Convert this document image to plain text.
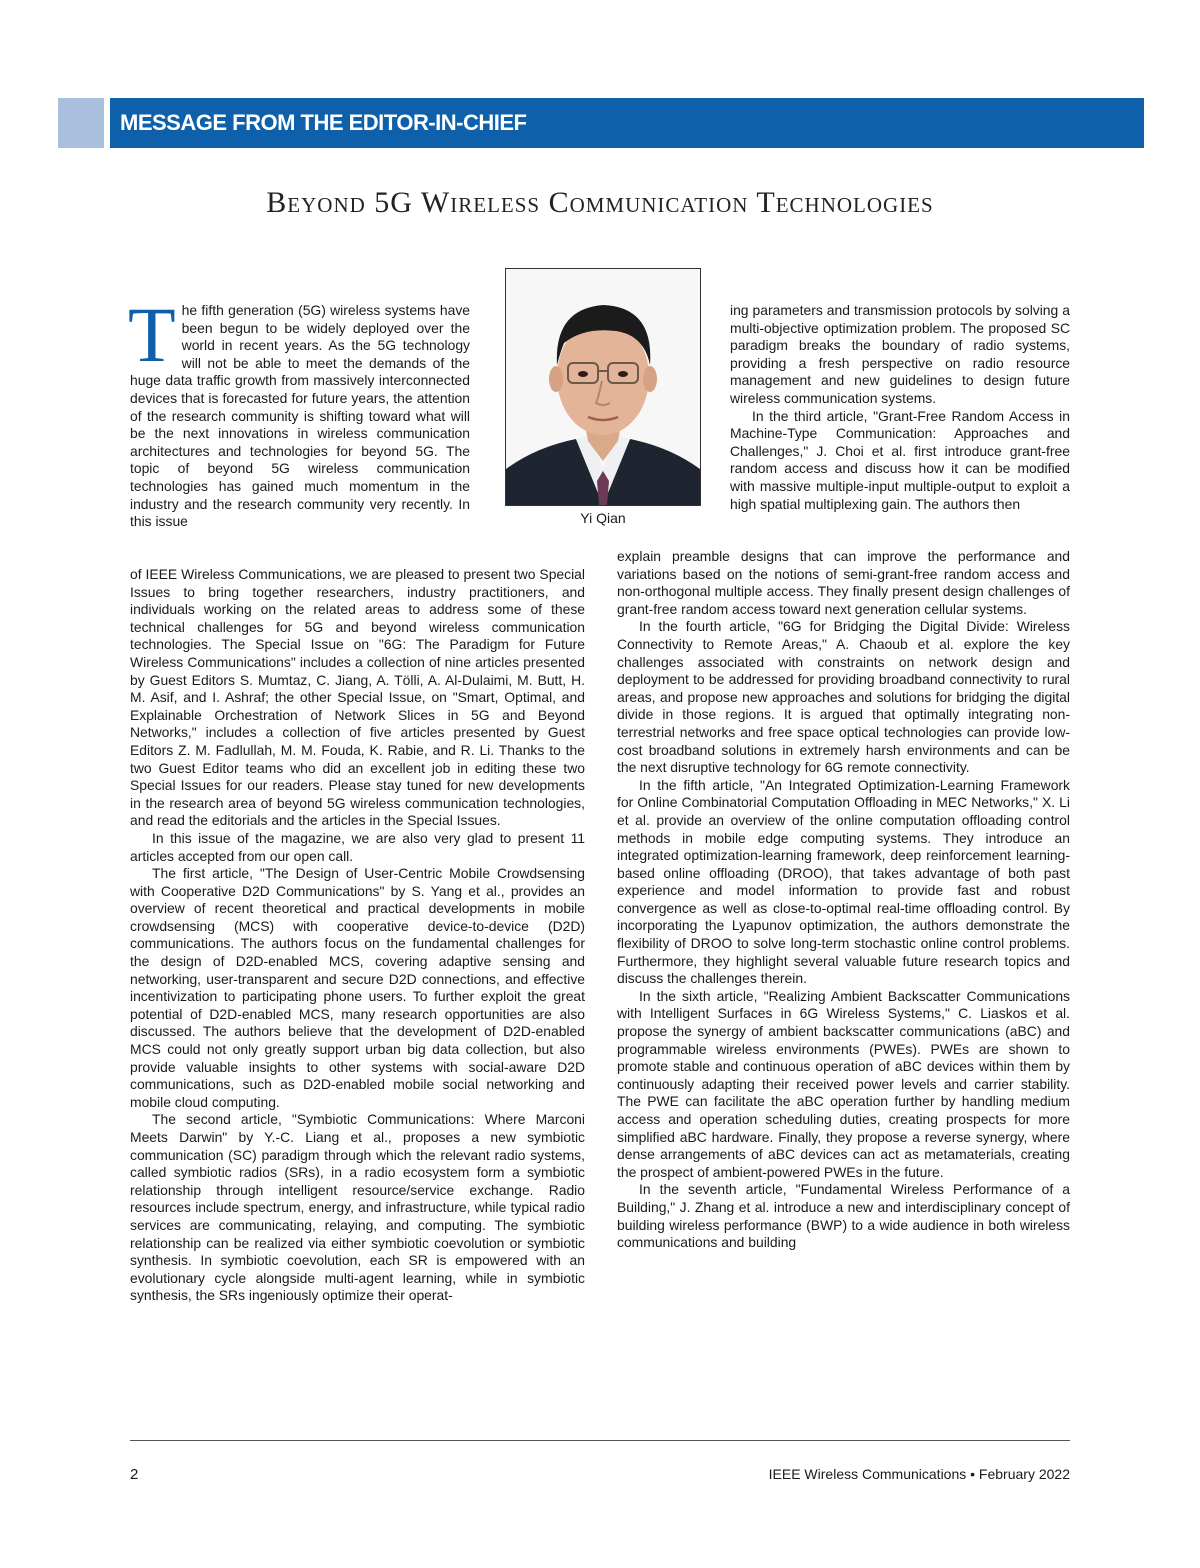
MESSAGE FROM THE EDITOR-IN-CHIEF
Beyond 5G Wireless Communication Technologies
Yi Qian
T he fifth generation (5G) wireless systems have been begun to be widely deployed over the world in recent years. As the 5G technology will not be able to meet the demands of the huge data traffic growth from massively interconnected devices that is forecasted for future years, the attention of the research community is shifting toward what will be the next innovations in wireless communication architectures and technologies for beyond 5G. The topic of beyond 5G wireless communication technologies has gained much momentum in the industry and the research community very recently. In this issue

of IEEE Wireless Communications, we are pleased to present two Special Issues to bring together researchers, industry practitioners, and individuals working on the related areas to address some of these technical challenges for 5G and beyond wireless communication technologies. The Special Issue on "6G: The Paradigm for Future Wireless Communications" includes a collection of nine articles presented by Guest Editors S. Mumtaz, C. Jiang, A. Tölli, A. Al-Dulaimi, M. Butt, H. M. Asif, and I. Ashraf; the other Special Issue, on "Smart, Optimal, and Explainable Orchestration of Network Slices in 5G and Beyond Networks," includes a collection of five articles presented by Guest Editors Z. M. Fadlullah, M. M. Fouda, K. Rabie, and R. Li. Thanks to the two Guest Editor teams who did an excellent job in editing these two Special Issues for our readers. Please stay tuned for new developments in the research area of beyond 5G wireless communication technologies, and read the editorials and the articles in the Special Issues.

In this issue of the magazine, we are also very glad to present 11 articles accepted from our open call.

The first article, "The Design of User-Centric Mobile Crowdsensing with Cooperative D2D Communications" by S. Yang et al., provides an overview of recent theoretical and practical developments in mobile crowdsensing (MCS) with cooperative device-to-device (D2D) communications. The authors focus on the fundamental challenges for the design of D2D-enabled MCS, covering adaptive sensing and networking, user-transparent and secure D2D connections, and effective incentivization to participating phone users. To further exploit the great potential of D2D-enabled MCS, many research opportunities are also discussed. The authors believe that the development of D2D-enabled MCS could not only greatly support urban big data collection, but also provide valuable insights to other systems with social-aware D2D communications, such as D2D-enabled mobile social networking and mobile cloud computing.

The second article, "Symbiotic Communications: Where Marconi Meets Darwin" by Y.-C. Liang et al., proposes a new symbiotic communication (SC) paradigm through which the relevant radio systems, called symbiotic radios (SRs), in a radio ecosystem form a symbiotic relationship through intelligent resource/service exchange. Radio resources include spectrum, energy, and infrastructure, while typical radio services are communicating, relaying, and computing. The symbiotic relationship can be realized via either symbiotic coevolution or symbiotic synthesis. In symbiotic coevolution, each SR is empowered with an evolutionary cycle alongside multi-agent learning, while in symbiotic synthesis, the SRs ingeniously optimize their operat-

ing parameters and transmission protocols by solving a multi-objective optimization problem. The proposed SC paradigm breaks the boundary of radio systems, providing a fresh perspective on radio resource management and new guidelines to design future wireless communication systems.

In the third article, "Grant-Free Random Access in Machine-Type Communication: Approaches and Challenges," J. Choi et al. first introduce grant-free random access and discuss how it can be modified with massive multiple-input multiple-output to exploit a high spatial multiplexing gain. The authors then

explain preamble designs that can improve the performance and variations based on the notions of semi-grant-free random access and non-orthogonal multiple access. They finally present design challenges of grant-free random access toward next generation cellular systems.

In the fourth article, "6G for Bridging the Digital Divide: Wireless Connectivity to Remote Areas," A. Chaoub et al. explore the key challenges associated with constraints on network design and deployment to be addressed for providing broadband connectivity to rural areas, and propose new approaches and solutions for bridging the digital divide in those regions. It is argued that optimally integrating non-terrestrial networks and free space optical technologies can provide low-cost broadband solutions in extremely harsh environments and can be the next disruptive technology for 6G remote connectivity.

In the fifth article, "An Integrated Optimization-Learning Framework for Online Combinatorial Computation Offloading in MEC Networks," X. Li et al. provide an overview of the online computation offloading control methods in mobile edge computing systems. They introduce an integrated optimization-learning framework, deep reinforcement learning-based online offloading (DROO), that takes advantage of both past experience and model information to provide fast and robust convergence as well as close-to-optimal real-time offloading control. By incorporating the Lyapunov optimization, the authors demonstrate the flexibility of DROO to solve long-term stochastic online control problems. Furthermore, they highlight several valuable future research topics and discuss the challenges therein.

In the sixth article, "Realizing Ambient Backscatter Communications with Intelligent Surfaces in 6G Wireless Systems," C. Liaskos et al. propose the synergy of ambient backscatter communications (aBC) and programmable wireless environments (PWEs). PWEs are shown to promote stable and continuous operation of aBC devices within them by continuously adapting their received power levels and carrier stability. The PWE can facilitate the aBC operation further by handling medium access and operation scheduling duties, creating prospects for more simplified aBC hardware. Finally, they propose a reverse synergy, where dense arrangements of aBC devices can act as metamaterials, creating the prospect of ambient-powered PWEs in the future.

In the seventh article, "Fundamental Wireless Performance of a Building," J. Zhang et al. introduce a new and interdisciplinary concept of building wireless performance (BWP) to a wide audience in both wireless communications and building

2	IEEE Wireless Communications • February 2022
